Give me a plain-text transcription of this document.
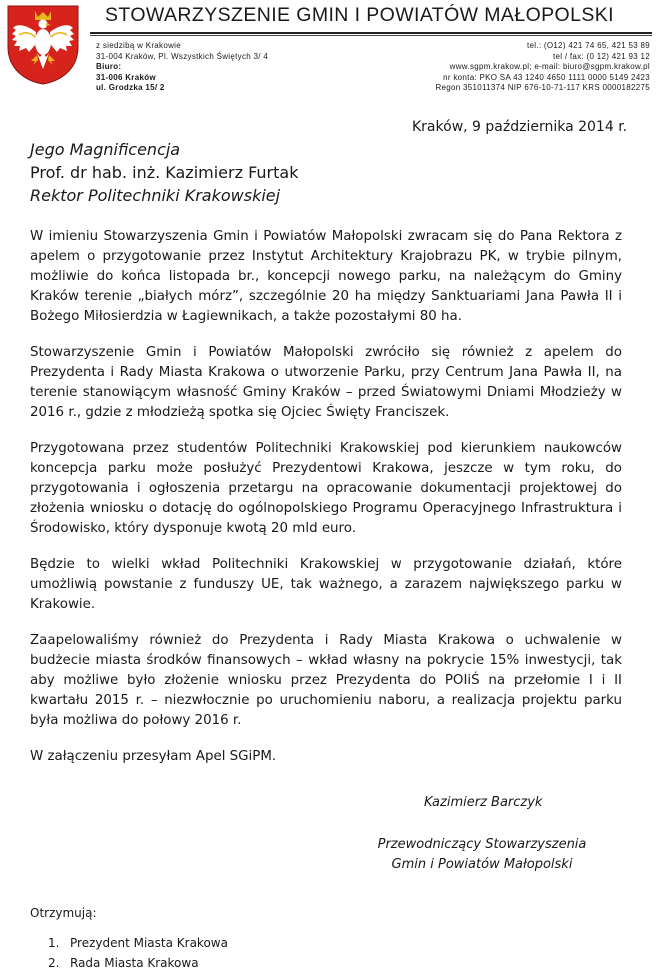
STOWARZYSZENIE GMIN I POWIATÓW MAŁOPOLSKI
z siedzibą w Krakowie
31-004 Kraków, Pl. Wszystkich Świętych 3/ 4
Biuro:
31-006 Kraków
ul. Grodzka 15/ 2
tel.: (O12) 421 74 65, 421 53 89
tel / fax: (0 12) 421 93 12
www.sgpm.krakow.pl; e-mail: biuro@sgpm.krakow.pl
nr konta: PKO SA 43 1240 4650 1111 0000 5149 2423
Regon 351011374 NIP 676-10-71-117 KRS 0000182275
Kraków, 9 października 2014 r.
Jego Magnificencja
Prof. dr hab. inż. Kazimierz Furtak
Rektor Politechniki Krakowskiej

W imieniu Stowarzyszenia Gmin i Powiatów Małopolski zwracam się do Pana Rektora z apelem o przygotowanie przez Instytut Architektury Krajobrazu PK, w trybie pilnym, możliwie do końca listopada br., koncepcji nowego parku, na należącym do Gminy Kraków terenie „białych mórz”, szczególnie 20 ha między Sanktuariami Jana Pawła II i Bożego Miłosierdzia w Łagiewnikach, a także pozostałymi 80 ha.

Stowarzyszenie Gmin i Powiatów Małopolski zwróciło się również z apelem do Prezydenta i Rady Miasta Krakowa o utworzenie Parku, przy Centrum Jana Pawła II, na terenie stanowiącym własność Gminy Kraków – przed Światowymi Dniami Młodzieży w 2016 r., gdzie z młodzieżą spotka się Ojciec Święty Franciszek.

Przygotowana przez studentów Politechniki Krakowskiej pod kierunkiem naukowców koncepcja parku może posłużyć Prezydentowi Krakowa, jeszcze w tym roku, do przygotowania i ogłoszenia przetargu na opracowanie dokumentacji projektowej do złożenia wniosku o dotację do ogólnopolskiego Programu Operacyjnego Infrastruktura i Środowisko, który dysponuje kwotą 20 mld euro.

Będzie to wielki wkład Politechniki Krakowskiej w przygotowanie działań, które umożliwią powstanie z funduszy UE, tak ważnego, a zarazem największego parku w Krakowie.

Zaapelowaliśmy również do Prezydenta i Rady Miasta Krakowa o uchwalenie w budżecie miasta środków finansowych – wkład własny na pokrycie 15% inwestycji, tak aby możliwe było złożenie wniosku przez Prezydenta do POIiŚ na przełomie I i II kwartału 2015 r. – niezwłocznie po uruchomieniu naboru, a realizacja projektu parku była możliwa do połowy 2016 r.

W załączeniu przesyłam Apel SGiPM.

Kazimierz Barczyk
Przewodniczący Stowarzyszenia
Gmin i Powiatów Małopolski
Otrzymują:
1. Prezydent Miasta Krakowa
2. Rada Miasta Krakowa
